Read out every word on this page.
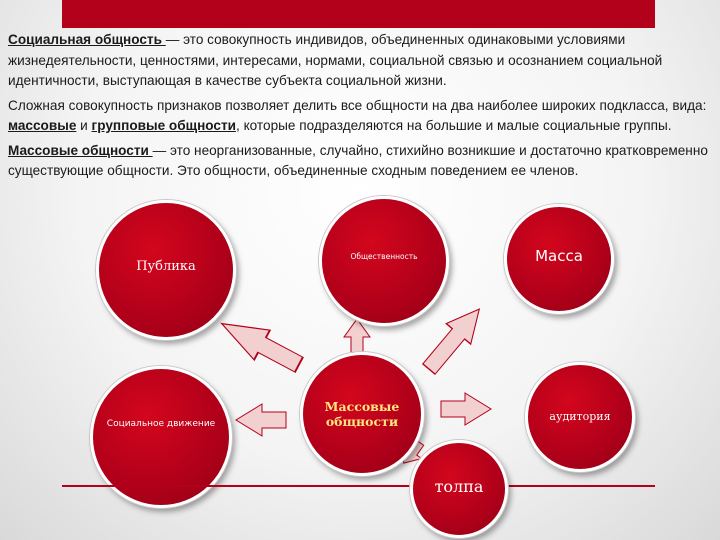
Социальная общность — это совокупность индивидов, объединенных одинаковыми условиями жизнедеятельности, ценностями, интересами, нормами, социальной связью и осознанием социальной идентичности, выступающая в качестве субъекта социальной жизни.

Сложная совокупность признаков позволяет делить все общности на два наиболее широких подкласса, вида: массовые и групповые общности, которые подразделяются на большие и малые социальные группы.

Массовые общности — это неорганизованные, случайно, стихийно возникшие и достаточно кратковременно существующие общности. Это общности, объединенные сходным поведением ее членов.

Публика
Общественность	Масса
Социальное движение
Массовые общности	аудитория
толпа
